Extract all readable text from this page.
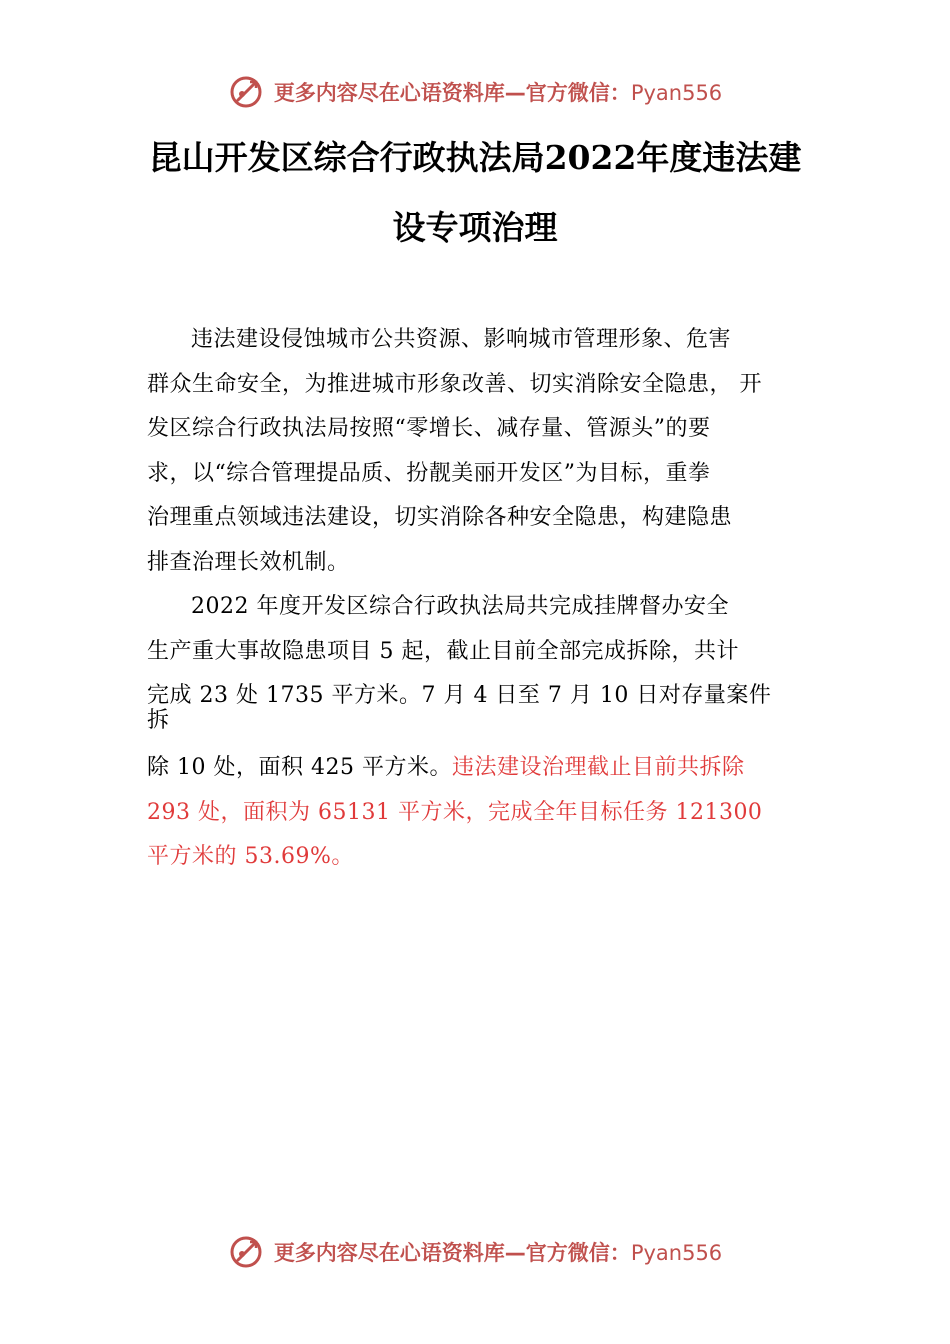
更多内容尽在心语资料库—官方微信：Pyan556
昆山开发区综合行政执法局2022年度违法建
设专项治理
违法建设侵蚀城市公共资源、影响城市管理形象、危害
群众生命安全，为推进城市形象改善、切实消除安全隐患， 开
发区综合行政执法局按照“零增长、减存量、管源头”的要
求，以“综合管理提品质、扮靓美丽开发区”为目标，重拳
治理重点领域违法建设，切实消除各种安全隐患，构建隐患
排查治理长效机制。
2022 年度开发区综合行政执法局共完成挂牌督办安全
生产重大事故隐患项目 5 起，截止目前全部完成拆除，共计
完成 23 处 1735 平方米。7 月 4 日至 7 月 10 日对存量案件
拆
除 10 处，面积 425 平方米。违法建设治理截止目前共拆除
293 处，面积为 65131 平方米，完成全年目标任务 121300
平方米的 53.69%。
更多内容尽在心语资料库—官方微信：Pyan556
